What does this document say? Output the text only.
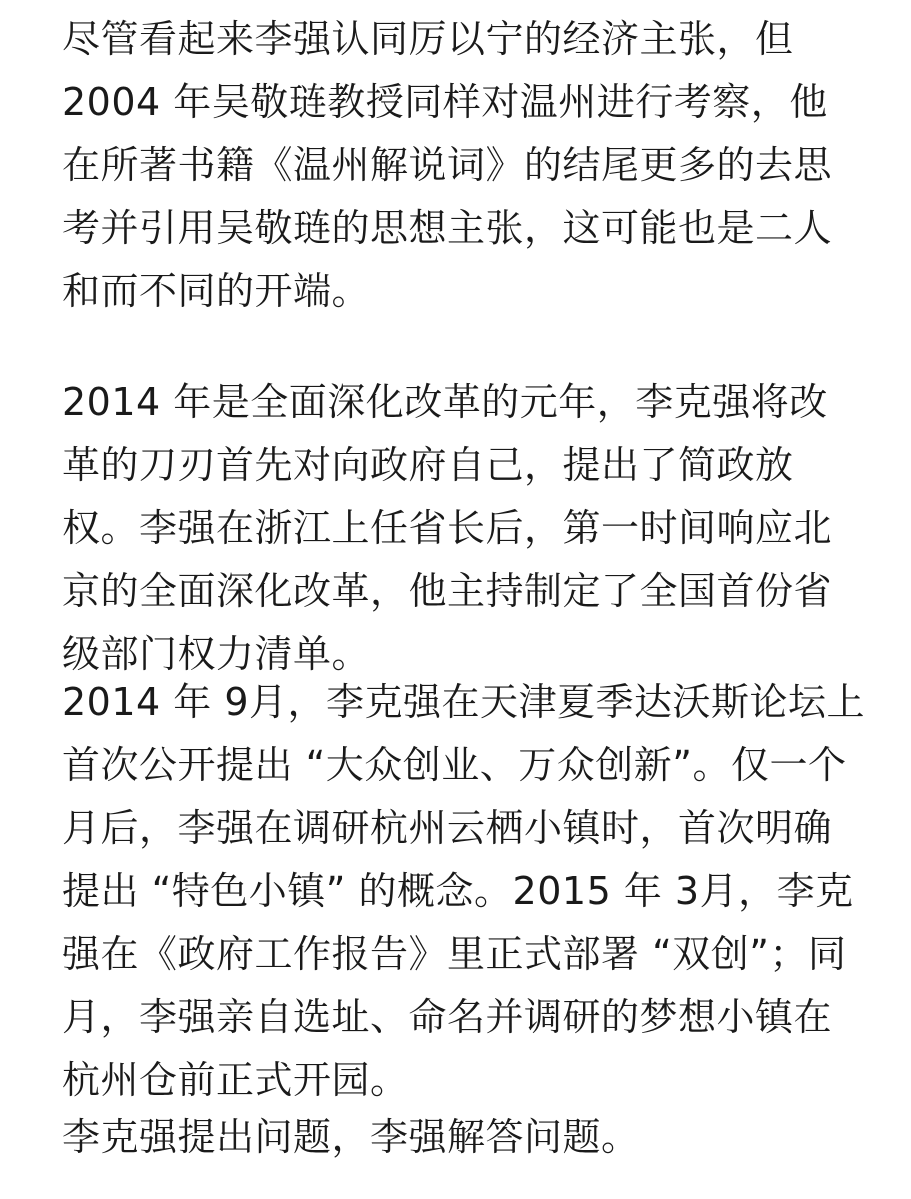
尽管看起来李强认同厉以宁的经济主张，但
2004 年吴敬琏教授同样对温州进行考察，他
在所著书籍《温州解说词》的结尾更多的去思
考并引用吴敬琏的思想主张，这可能也是二人
和而不同的开端。

2014 年是全面深化改革的元年，李克强将改
革的刀刃首先对向政府自己，提出了简政放
权。李强在浙江上任省长后，第一时间响应北
京的全面深化改革，他主持制定了全国首份省
级部门权力清单。

2014 年 9月，李克强在天津夏季达沃斯论坛上
首次公开提出 “大众创业、万众创新”。仅一个
月后，李强在调研杭州云栖小镇时，首次明确
提出 “特色小镇” 的概念。2015 年 3月，李克
强在《政府工作报告》里正式部署 “双创”；同
月，李强亲自选址、命名并调研的梦想小镇在
杭州仓前正式开园。

李克强提出问题，李强解答问题。
